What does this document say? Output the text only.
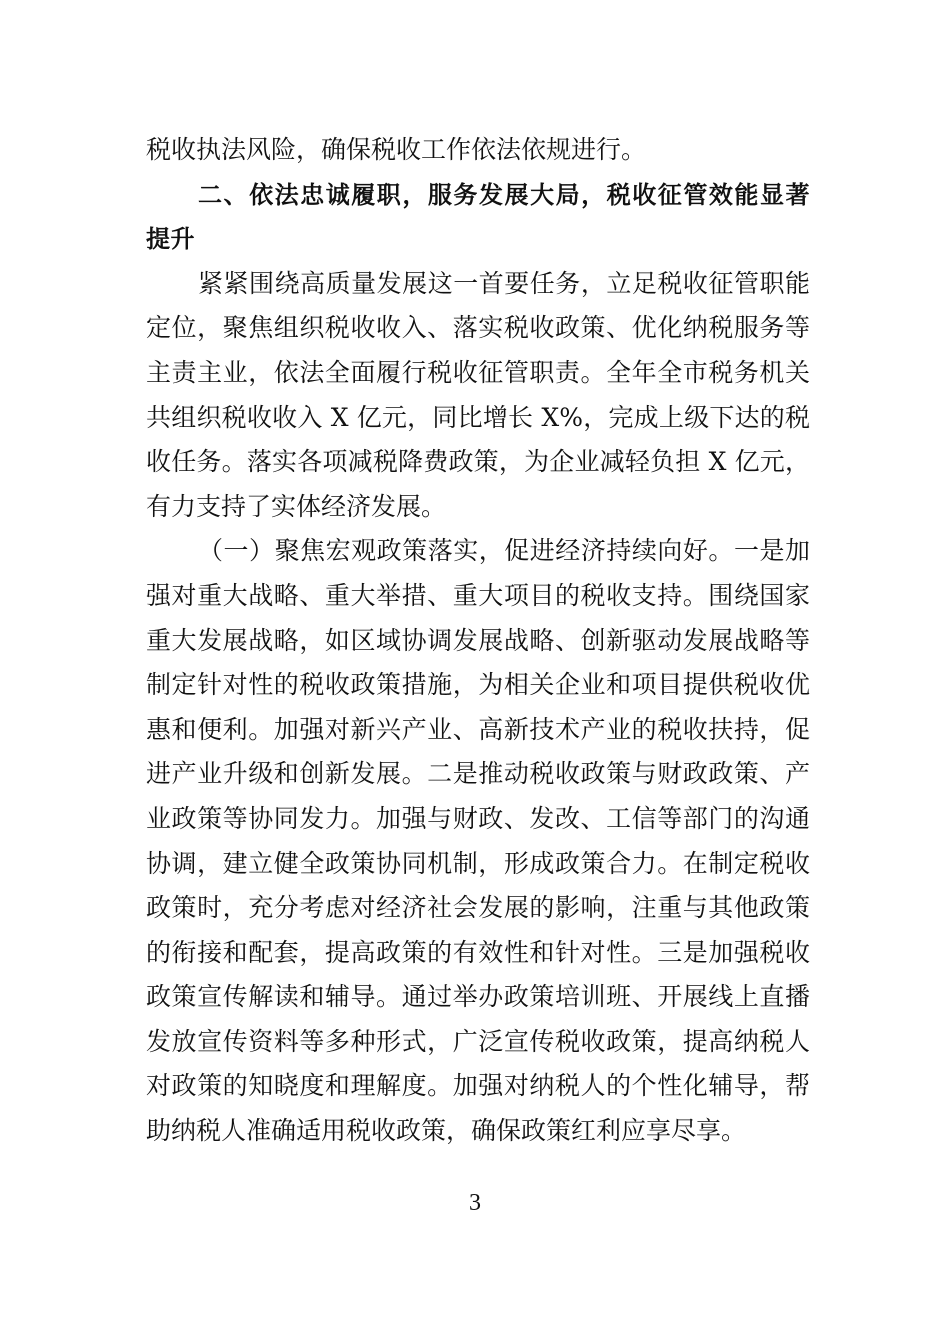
税收执法风险，确保税收工作依法依规进行。
二、依法忠诚履职，服务发展大局，税收征管效能显著
提升
紧紧围绕高质量发展这一首要任务，立足税收征管职能
定位，聚焦组织税收收入、落实税收政策、优化纳税服务等
主责主业，依法全面履行税收征管职责。全年全市税务机关
共组织税收收入 X 亿元，同比增长 X%，完成上级下达的税
收任务。落实各项减税降费政策，为企业减轻负担 X 亿元，
有力支持了实体经济发展。
（一）聚焦宏观政策落实，促进经济持续向好。一是加
强对重大战略、重大举措、重大项目的税收支持。围绕国家
重大发展战略，如区域协调发展战略、创新驱动发展战略等
制定针对性的税收政策措施，为相关企业和项目提供税收优
惠和便利。加强对新兴产业、高新技术产业的税收扶持，促
进产业升级和创新发展。二是推动税收政策与财政政策、产
业政策等协同发力。加强与财政、发改、工信等部门的沟通
协调，建立健全政策协同机制，形成政策合力。在制定税收
政策时，充分考虑对经济社会发展的影响，注重与其他政策
的衔接和配套，提高政策的有效性和针对性。三是加强税收
政策宣传解读和辅导。通过举办政策培训班、开展线上直播
发放宣传资料等多种形式，广泛宣传税收政策，提高纳税人
对政策的知晓度和理解度。加强对纳税人的个性化辅导，帮
助纳税人准确适用税收政策，确保政策红利应享尽享。
3
